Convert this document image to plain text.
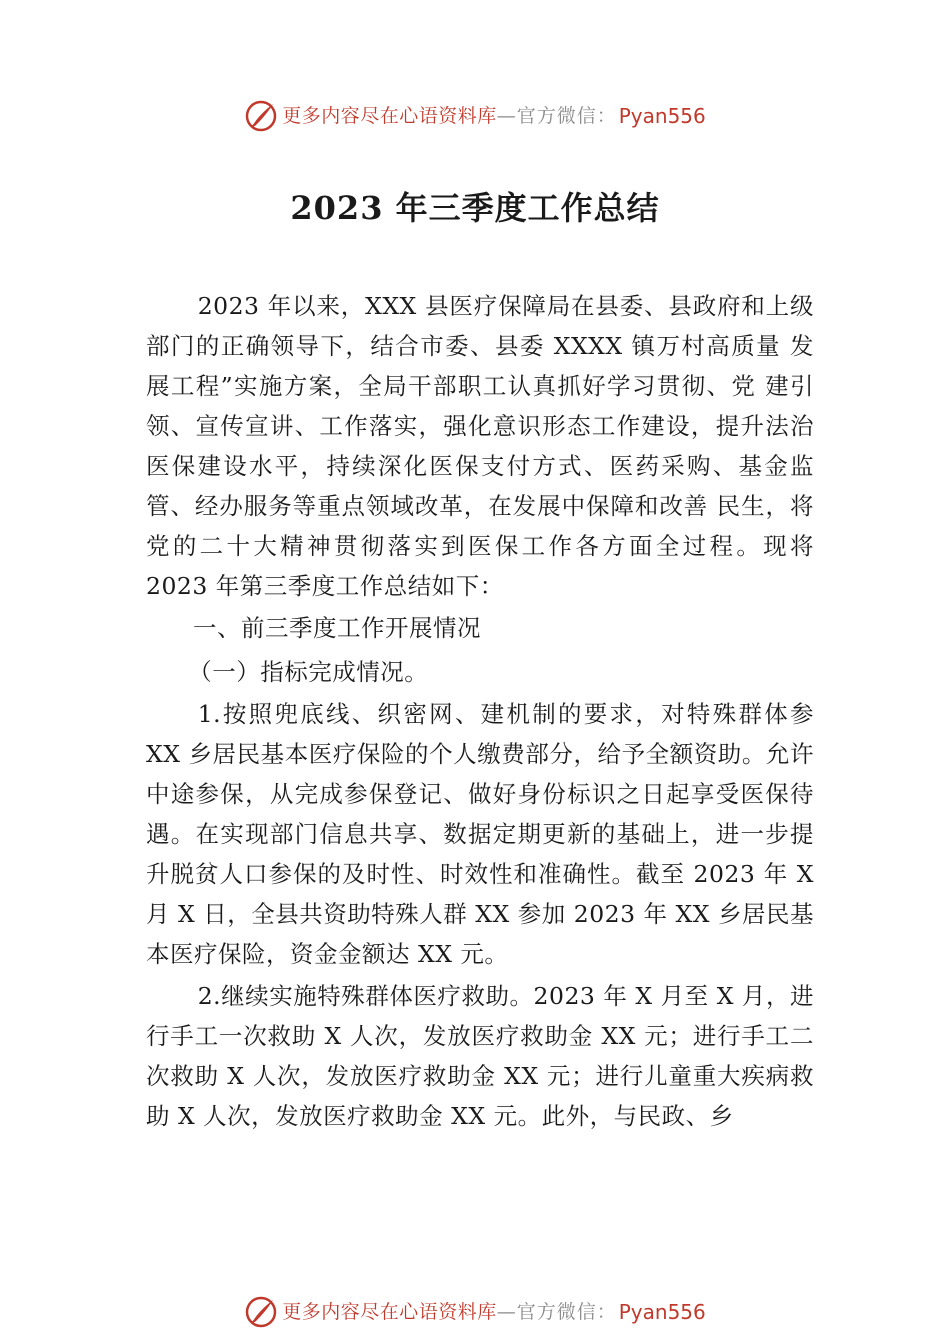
更多内容尽在心语资料库 —官方微信： Pyan556
2023 年三季度工作总结

2023 年以来，XXX 县医疗保障局在县委、县政府和上级部门的正确领导下，结合市委、县委 XXXX 镇万村高质量 发展工程”实施方案，全局干部职工认真抓好学习贯彻、党 建引领、宣传宣讲、工作落实，强化意识形态工作建设，提升法治医保建设水平，持续深化医保支付方式、医药采购、基金监管、经办服务等重点领域改革，在发展中保障和改善 民生，将党的二十大精神贯彻落实到医保工作各方面全过程。现将 2023 年第三季度工作总结如下：

一、前三季度工作开展情况

（一）指标完成情况。

1.按照兜底线、织密网、建机制的要求，对特殊群体参 XX 乡居民基本医疗保险的个人缴费部分，给予全额资助。允许中途参保，从完成参保登记、做好身份标识之日起享受医保待遇。在实现部门信息共享、数据定期更新的基础上，进一步提升脱贫人口参保的及时性、时效性和准确性。截至 2023 年 X 月 X 日，全县共资助特殊人群 XX 参加 2023 年 XX 乡居民基本医疗保险，资金金额达 XX 元。

2.继续实施特殊群体医疗救助。2023 年 X 月至 X 月，进行手工一次救助 X 人次，发放医疗救助金 XX 元；进行手工二次救助 X 人次，发放医疗救助金 XX 元；进行儿童重大疾病救助 X 人次，发放医疗救助金 XX 元。此外，与民政、乡

更多内容尽在心语资料库 —官方微信： Pyan556
